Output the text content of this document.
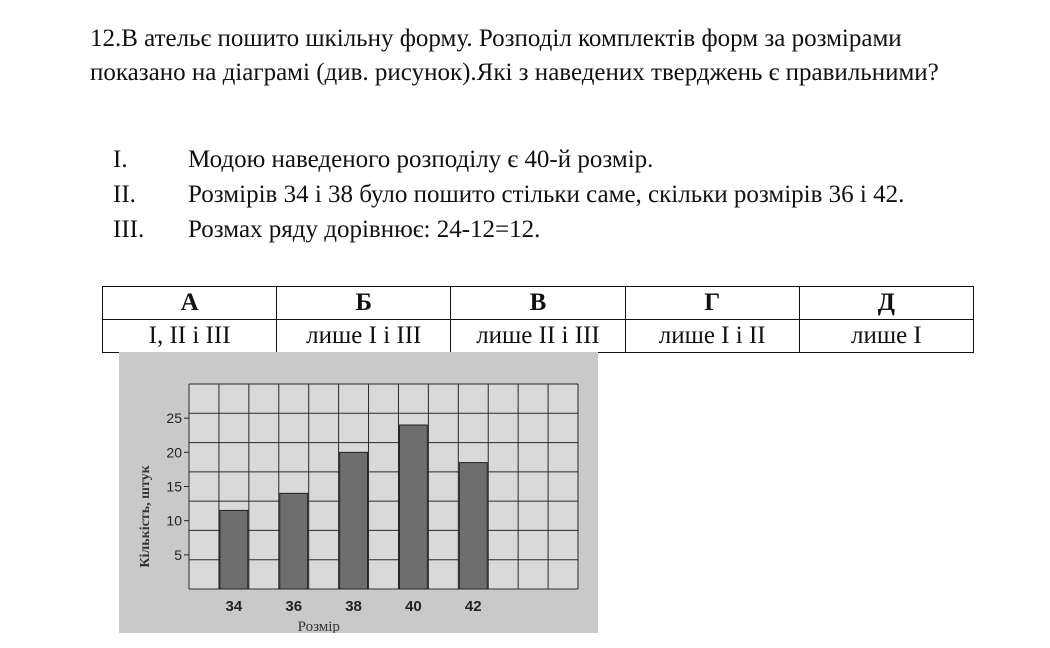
12.В ательє пошито шкільну форму. Розподіл комплектів форм за розмірами показано на діаграмі (див. рисунок).Які з наведених тверджень є правильними?
I.	Модою наведеного розподілу є 40-й розмір.
II.	Розмірів 34 і 38 було пошито стільки саме, скільки розмірів 36 і 42.
III.	Розмах ряду дорівнює: 24-12=12.
А	Б	В	Г	Д
І, ІІ і ІІІ	лише І і ІІІ	лише ІІ і ІІІ	лише І і ІІ	лише І
34	36	38	40	42
5
10
15
20
25
Кількість, штук
Розмір
